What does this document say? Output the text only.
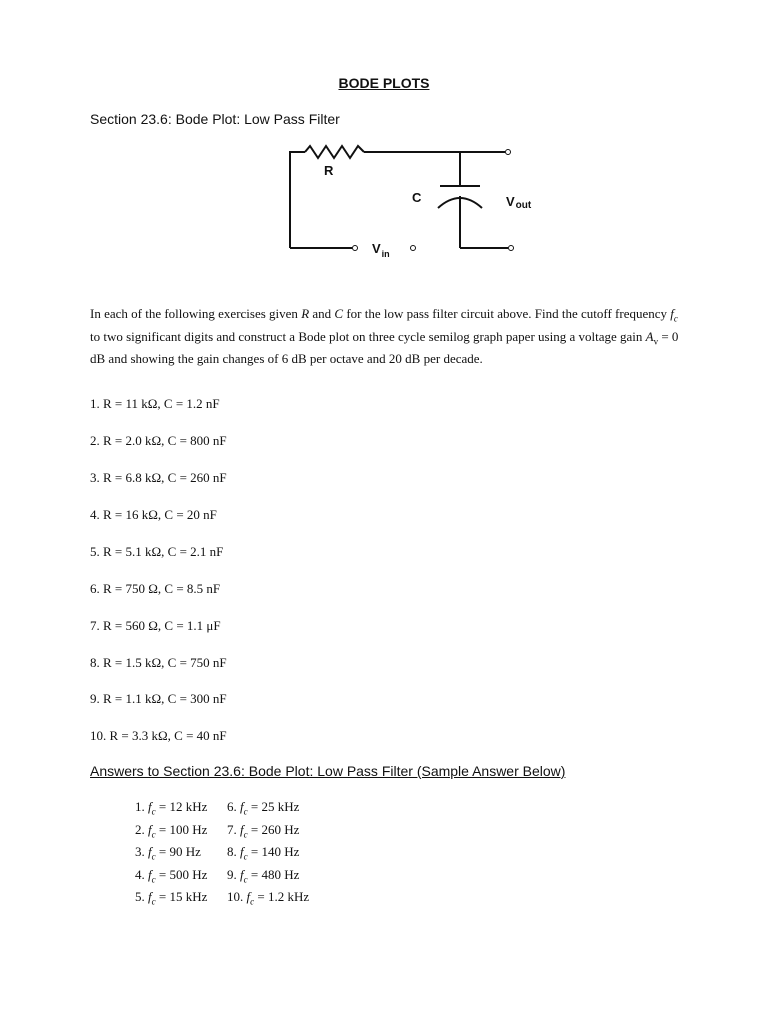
BODE PLOTS
Section 23.6: Bode Plot: Low Pass Filter
R
C	Vout
$V_{in}$
In each of the following exercises given R and C for the low pass filter circuit above. Find the cutoff frequency $f_c$ to two significant digits and construct a Bode plot on three cycle semilog graph paper using a voltage gain $A_v = 0$ dB and showing the gain changes of 6 dB per octave and 20 dB per decade.
1. R = 11 kΩ, C = 1.2 nF
2. R = 2.0 kΩ, C = 800 nF
3. R = 6.8 kΩ, C = 260 nF
4. R = 16 kΩ, C = 20 nF
5. R = 5.1 kΩ, C = 2.1 nF
6. R = 750 Ω, C = 8.5 nF
7. R = 560 Ω, C = 1.1 μF
8. R = 1.5 kΩ, C = 750 nF
9. R = 1.1 kΩ, C = 300 nF
10. R = 3.3 kΩ, C = 40 nF
Answers to Section 23.6: Bode Plot: Low Pass Filter (Sample Answer Below)
1. $f_c = 12$ kHz
2. $f_c = 100$ Hz
3. $f_c = 90$ Hz
4. $f_c = 500$ Hz
5. $f_c = 15$ kHz
6. $f_c = 25$ kHz
7. $f_c = 260$ Hz
8. $f_c = 140$ Hz
9. $f_c = 480$ Hz
10. $f_c = 1.2$ kHz
